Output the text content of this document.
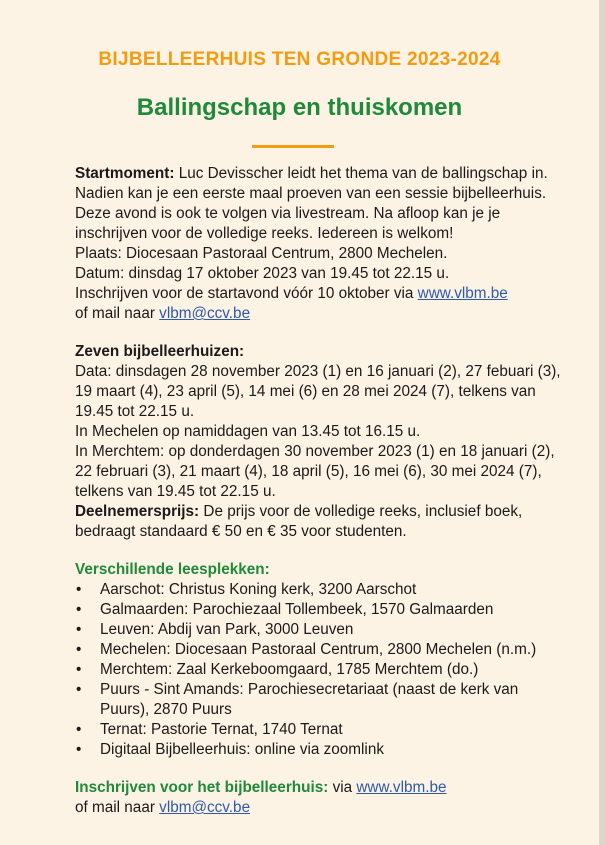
BIJBELLEERHUIS TEN GRONDE 2023-2024
Ballingschap en thuiskomen
Startmoment: Luc Devisscher leidt het thema van de ballingschap in.
Nadien kan je een eerste maal proeven van een sessie bijbelleerhuis.
Deze avond is ook te volgen via livestream. Na afloop kan je je
inschrijven voor de volledige reeks. Iedereen is welkom!
Plaats: Diocesaan Pastoraal Centrum, 2800 Mechelen.
Datum: dinsdag 17 oktober 2023 van 19.45 tot 22.15 u.
Inschrijven voor de startavond vóór 10 oktober via www.vlbm.be
of mail naar vlbm@ccv.be
Zeven bijbelleerhuizen:
Data: dinsdagen 28 november 2023 (1) en 16 januari (2), 27 febuari (3),
19 maart (4), 23 april (5), 14 mei (6) en 28 mei 2024 (7), telkens van
19.45 tot 22.15 u.
In Mechelen op namiddagen van 13.45 tot 16.15 u.
In Merchtem: op donderdagen 30 november 2023 (1) en 18 januari (2),
22 februari (3), 21 maart (4), 18 april (5), 16 mei (6), 30 mei 2024 (7),
telkens van 19.45 tot 22.15 u.
Deelnemersprijs: De prijs voor de volledige reeks, inclusief boek,
bedraagt standaard € 50 en € 35 voor studenten.
Verschillende leesplekken:
• Aarschot: Christus Koning kerk, 3200 Aarschot
• Galmaarden: Parochiezaal Tollembeek, 1570 Galmaarden
• Leuven: Abdij van Park, 3000 Leuven
• Mechelen: Diocesaan Pastoraal Centrum, 2800 Mechelen (n.m.)
• Merchtem: Zaal Kerkeboomgaard, 1785 Merchtem (do.)
• Puurs - Sint Amands: Parochiesecretariaat (naast de kerk van
Puurs), 2870 Puurs
• Ternat: Pastorie Ternat, 1740 Ternat
• Digitaal Bijbelleerhuis: online via zoomlink
Inschrijven voor het bijbelleerhuis: via www.vlbm.be
of mail naar vlbm@ccv.be
